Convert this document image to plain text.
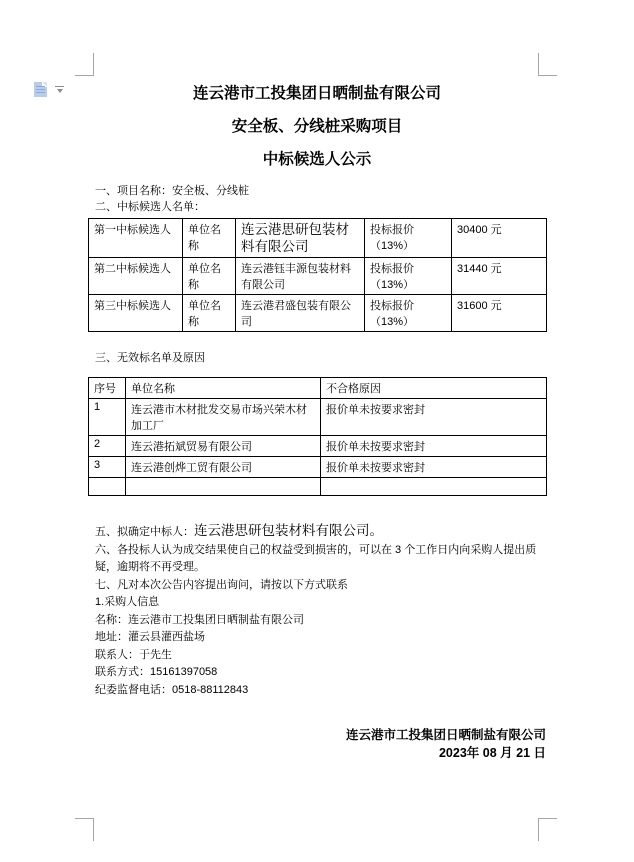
连云港市工投集团日晒制盐有限公司

安全板、分线桩采购项目

中标候选人公示

一、项目名称：安全板、分线桩

二、中标候选人名单：

第一中标候选人	单位名称	连云港思研包装材料有限公司	投标报价（13%）	30400 元
第二中标候选人	单位名称	连云港钰丰源包装材料有限公司	投标报价（13%）	31440 元
第三中标候选人	单位名称	连云港君盛包装有限公司	投标报价（13%）	31600 元

三、无效标名单及原因

序号	单位名称	不合格原因
1	连云港市木材批发交易市场兴荣木材加工厂	报价单未按要求密封
2	连云港拓斌贸易有限公司	报价单未按要求密封
3	连云港创烨工贸有限公司	报价单未按要求密封

五、拟确定中标人：连云港思研包装材料有限公司。

六、各投标人认为成交结果使自己的权益受到损害的，可以在 3 个工作日内向采购人提出质

疑，逾期将不再受理。

七、凡对本次公告内容提出询问，请按以下方式联系

1.采购人信息

名称：连云港市工投集团日晒制盐有限公司

地址：灌云县灌西盐场

联系人：于先生

联系方式：15161397058

纪委监督电话：0518-88112843

连云港市工投集团日晒制盐有限公司
2023年 08 月 21 日
